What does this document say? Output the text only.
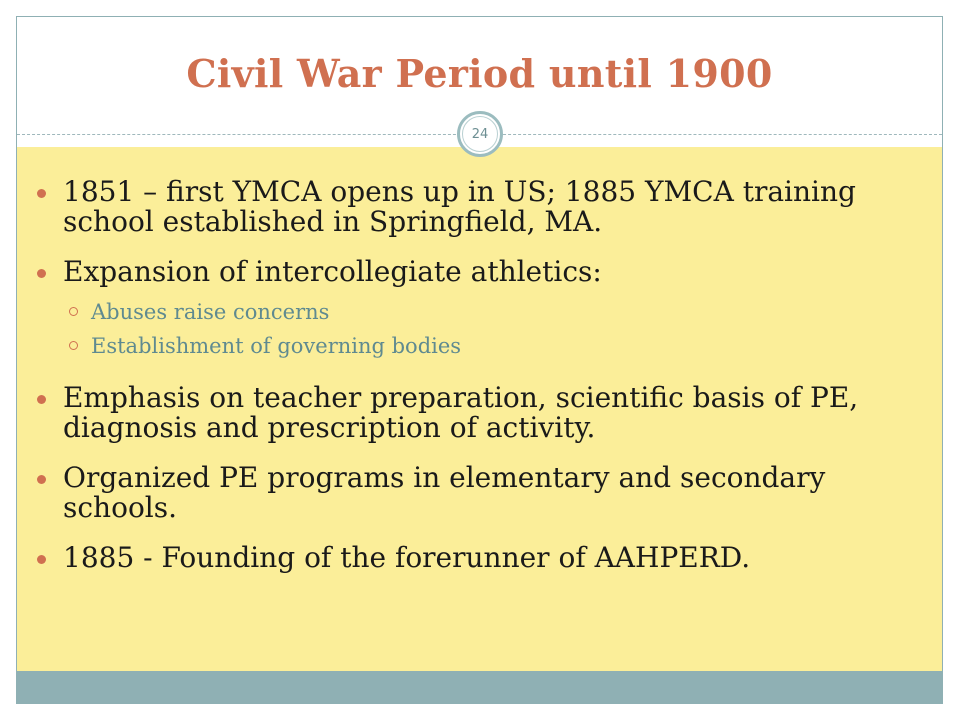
Civil War Period until 1900
24
1851 – first YMCA opens up in US; 1885 YMCA training school established in Springfield, MA.
Expansion of intercollegiate athletics:
Abuses raise concerns
Establishment of governing bodies
Emphasis on teacher preparation, scientific basis of PE, diagnosis and prescription of activity.
Organized PE programs in elementary and secondary schools.
1885 - Founding of the forerunner of AAHPERD.
